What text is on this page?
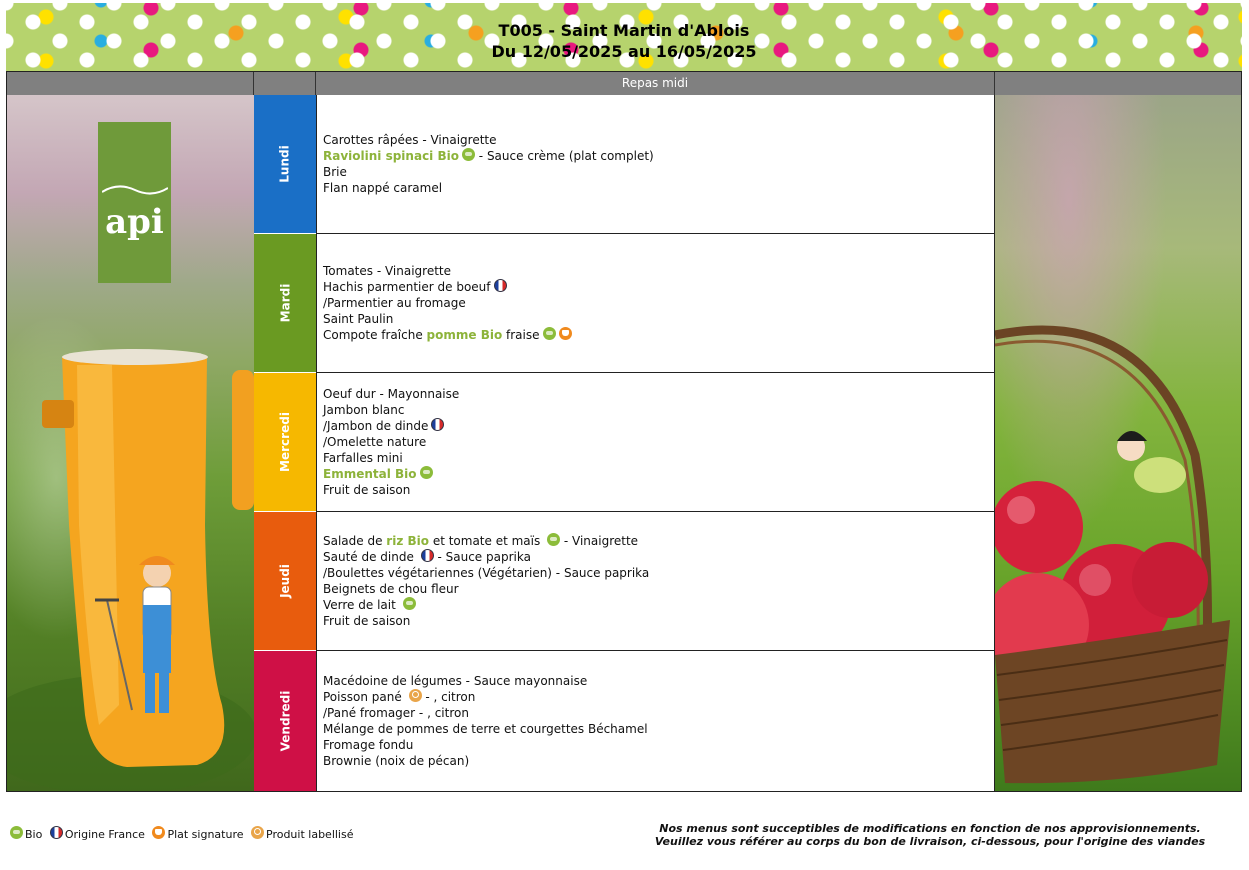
T005 - Saint Martin d'Ablois
Du 12/05/2025 au 16/05/2025
Repas midi
api
Lundi
Mardi
Mercredi
Jeudi
Vendredi
Carottes râpées - Vinaigrette
Raviolini spinaci Bio - Sauce crème (plat complet)
Brie
Flan nappé caramel
Tomates - Vinaigrette
Hachis parmentier de boeuf
/Parmentier au fromage
Saint Paulin
Compote fraîche pomme Bio fraise
Oeuf dur - Mayonnaise
Jambon blanc
/Jambon de dinde
/Omelette nature
Farfalles mini
Emmental Bio
Fruit de saison
Salade de riz Bio et tomate et maïs  - Vinaigrette
Sauté de dinde  - Sauce paprika
/Boulettes végétariennes (Végétarien) - Sauce paprika
Beignets de chou fleur
Verre de lait
Fruit de saison
Macédoine de légumes - Sauce mayonnaise
Poisson pané  - , citron
/Pané fromager - , citron
Mélange de pommes de terre et courgettes Béchamel
Fromage fondu
Brownie (noix de pécan)
Bio Origine France Plat signature Produit labellisé	Nos menus sont succeptibles de modifications en fonction de nos approvisionnements.
Veuillez vous référer au corps du bon de livraison, ci-dessous, pour l'origine des viandes
